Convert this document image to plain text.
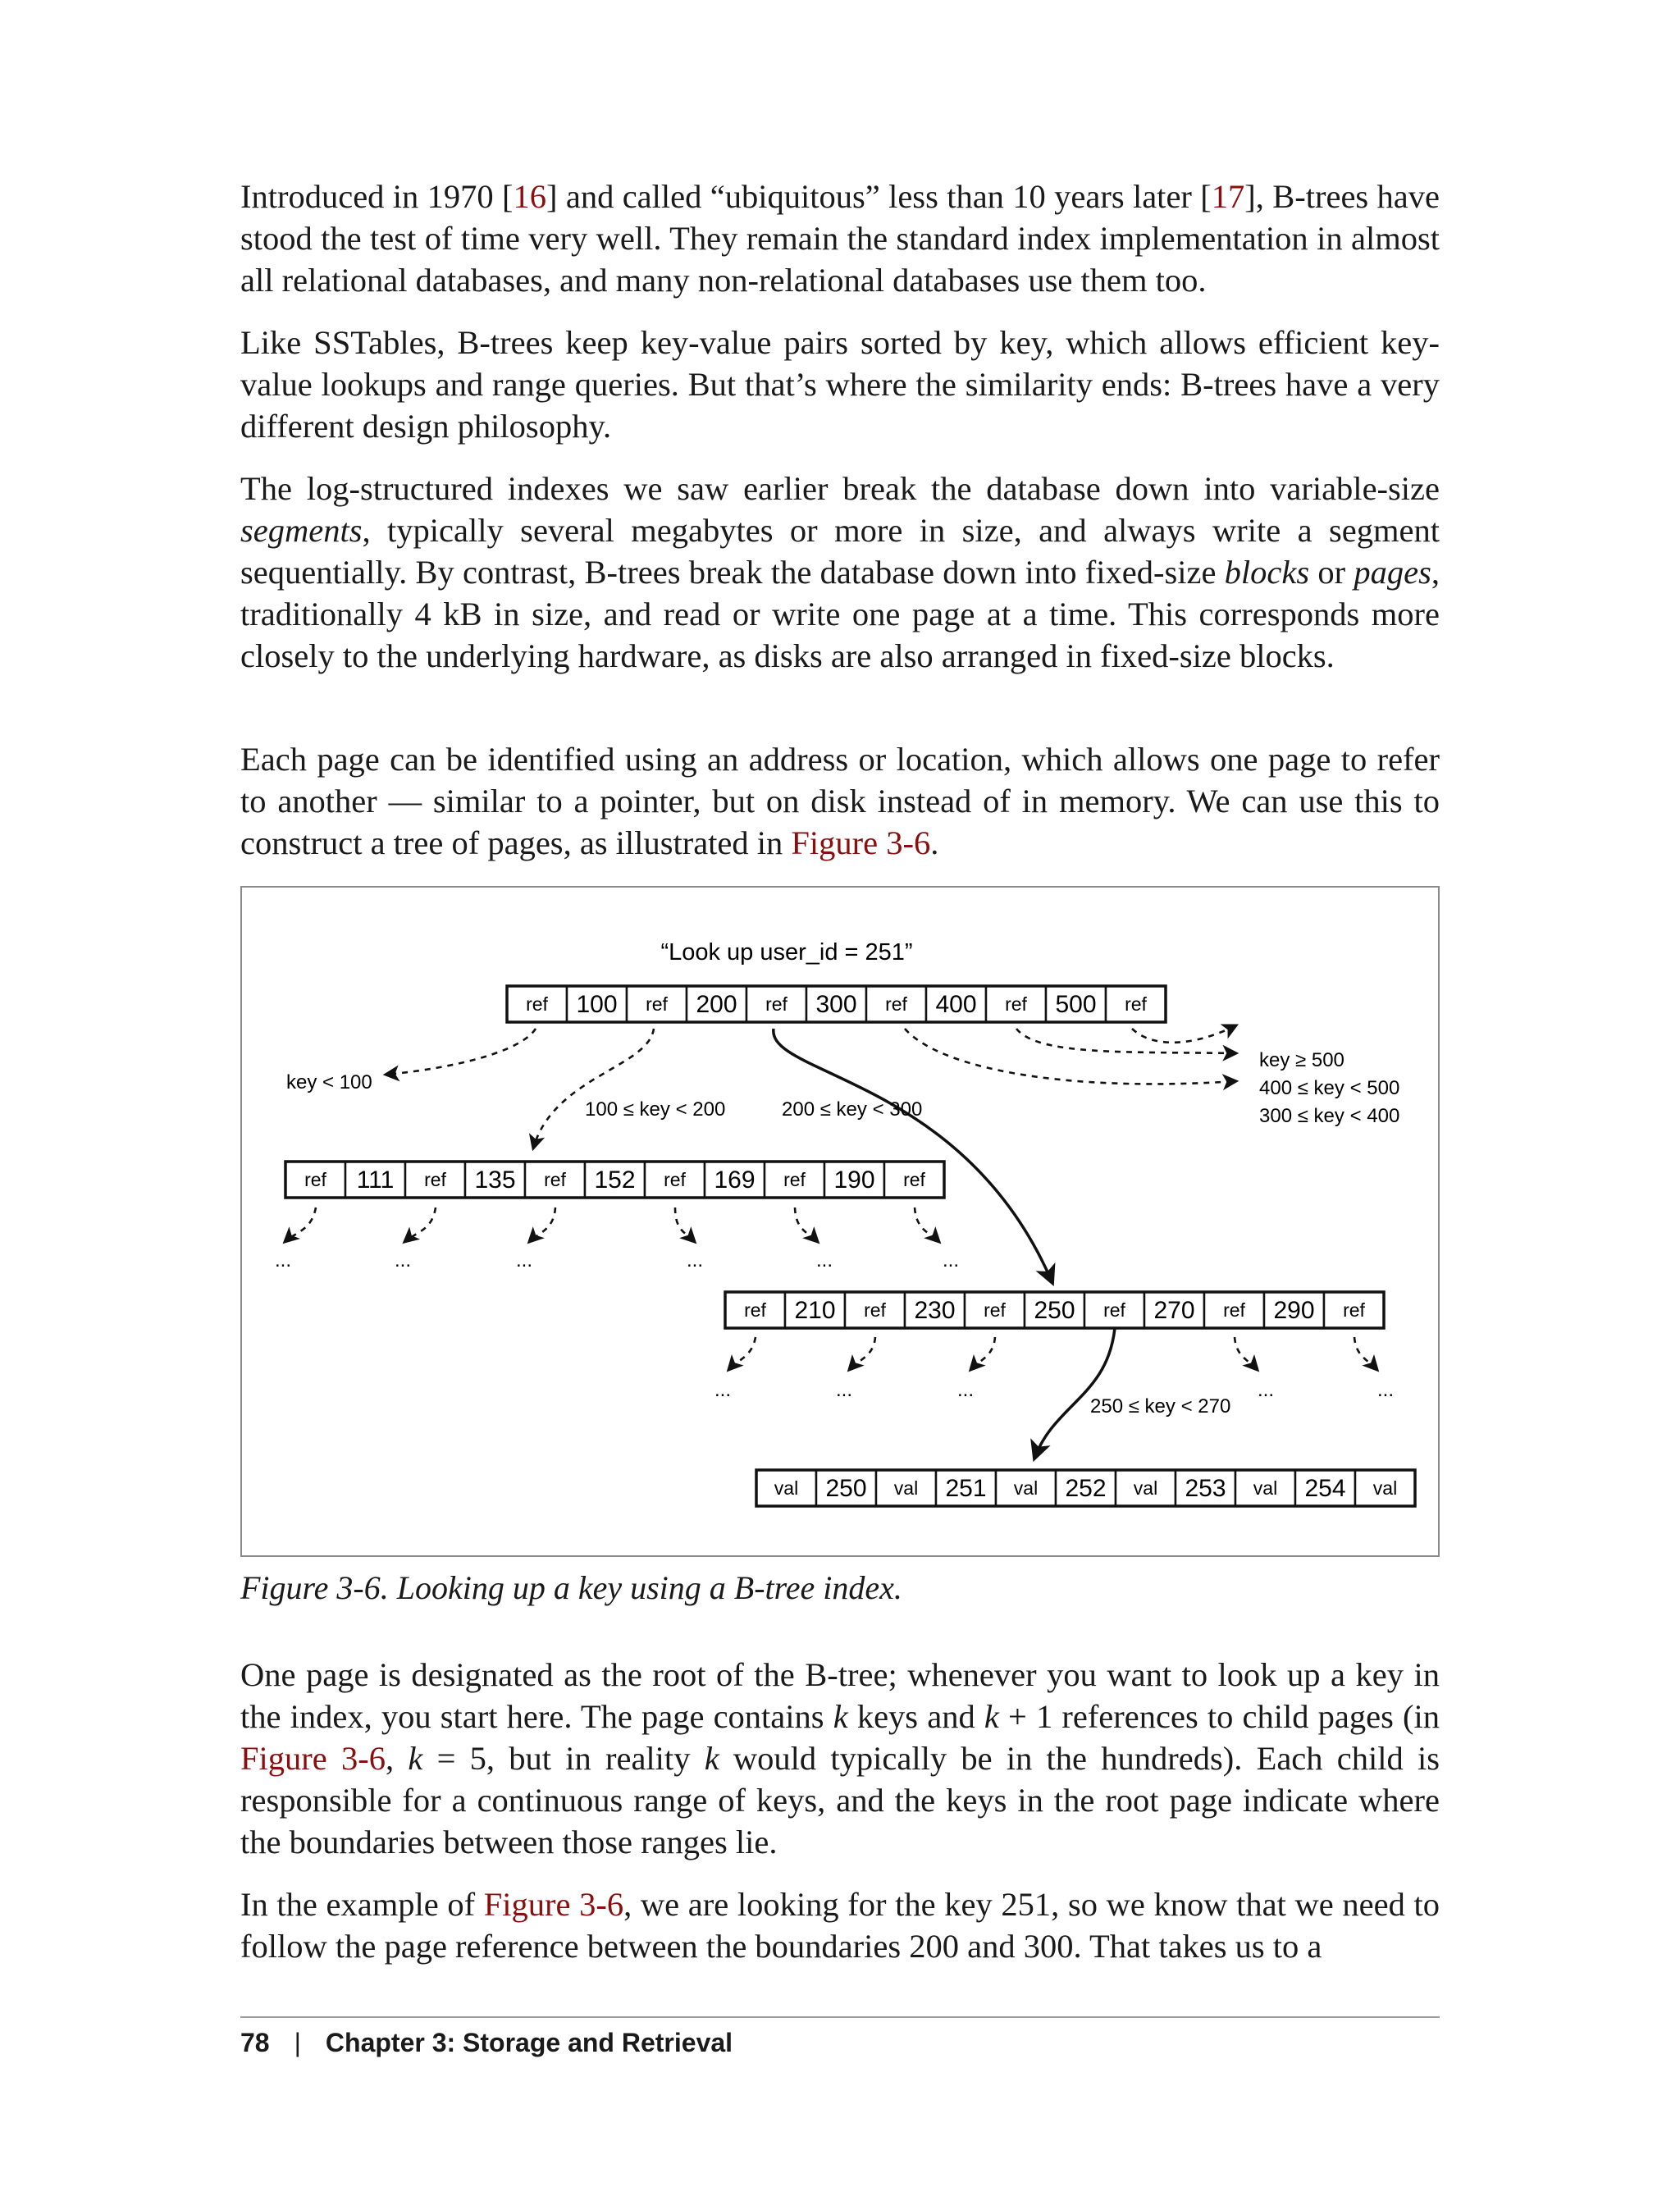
Introduced in 1970 [16] and called “ubiquitous” less than 10 years later [17], B-trees have stood the test of time very well. They remain the standard index implementation in almost all relational databases, and many non-relational databases use them too.

Like SSTables, B-trees keep key-value pairs sorted by key, which allows efficient key-value lookups and range queries. But that’s where the similarity ends: B-trees have a very different design philosophy.

The log-structured indexes we saw earlier break the database down into variable-size segments, typically several megabytes or more in size, and always write a segment sequentially. By contrast, B-trees break the database down into fixed-size blocks or pages, traditionally 4 kB in size, and read or write one page at a time. This corresponds more closely to the underlying hardware, as disks are also arranged in fixed-size blocks.

Each page can be identified using an address or location, which allows one page to refer to another — similar to a pointer, but on disk instead of in memory. We can use this to construct a tree of pages, as illustrated in Figure 3-6.

“Look up user_id = 251”
ref 100 ref 200 ref 300 ref 400 ref 500 ref
ref 111 ref 135 ref 152 ref 169 ref 190 ref
ref 210 ref 230 ref 250 ref 270 ref 290 ref
val 250 val 251 val 252 val 253 val 254 val
key < 100
100 ≤ key < 200	200 ≤ key < 300
key ≥ 500
400 ≤ key < 500
300 ≤ key < 400
250 ≤ key < 270
...	...	...	...	...	...
...	...	...	...	...
Figure 3-6. Looking up a key using a B-tree index.

One page is designated as the root of the B-tree; whenever you want to look up a key in the index, you start here. The page contains k keys and k + 1 references to child pages (in Figure 3-6, k = 5, but in reality k would typically be in the hundreds). Each child is responsible for a continuous range of keys, and the keys in the root page indicate where the boundaries between those ranges lie.

In the example of Figure 3-6, we are looking for the key 251, so we know that we need to follow the page reference between the boundaries 200 and 300. That takes us to a

78 | Chapter 3: Storage and Retrieval
